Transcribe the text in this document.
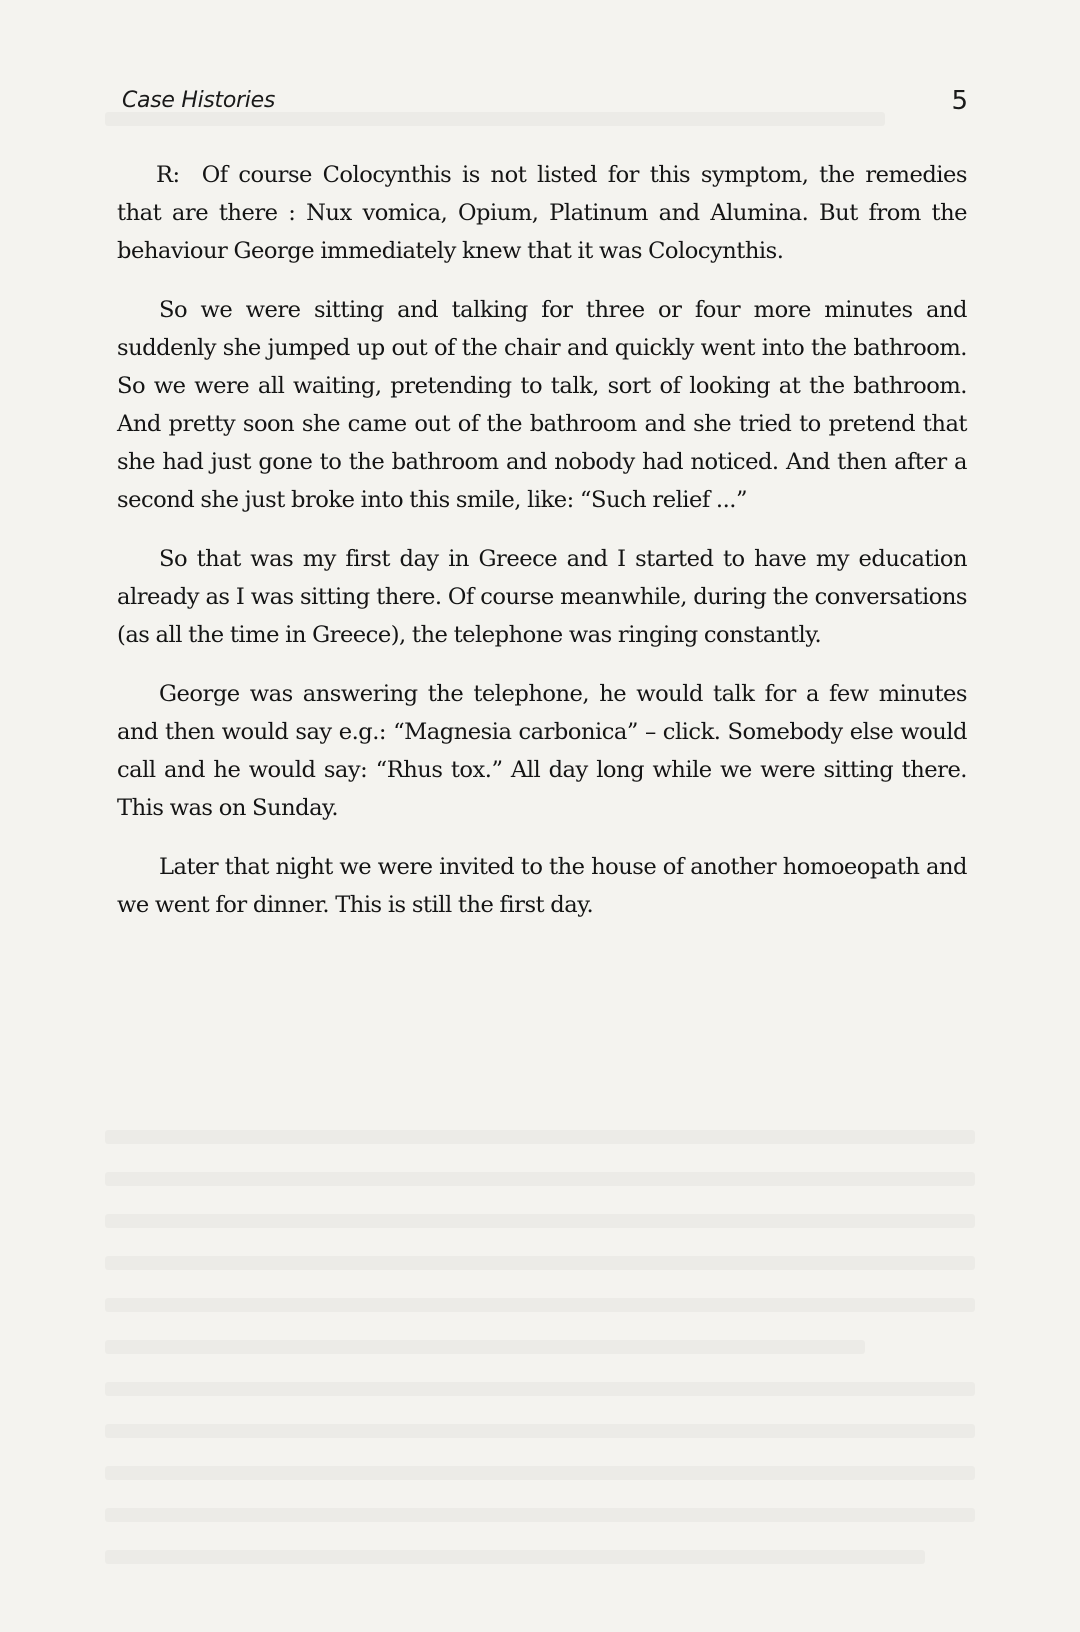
Case Histories	5

R: Of course Colocynthis is not listed for this symptom, the remedies that are there : Nux vomica, Opium, Platinum and Alumina. But from the behaviour George immediately knew that it was Colocynthis.

So we were sitting and talking for three or four more minutes and suddenly she jumped up out of the chair and quickly went into the bathroom. So we were all waiting, pretending to talk, sort of looking at the bathroom. And pretty soon she came out of the bathroom and she tried to pretend that she had just gone to the bathroom and nobody had noticed. And then after a second she just broke into this smile, like: “Such relief ...”

So that was my first day in Greece and I started to have my education already as I was sitting there. Of course meanwhile, during the conversations (as all the time in Greece), the telephone was ringing constantly.

George was answering the telephone, he would talk for a few minutes and then would say e.g.: “Magnesia carbonica” – click. Somebody else would call and he would say: “Rhus tox.” All day long while we were sitting there. This was on Sunday.

Later that night we were invited to the house of another homoeopath and we went for dinner. This is still the first day.
